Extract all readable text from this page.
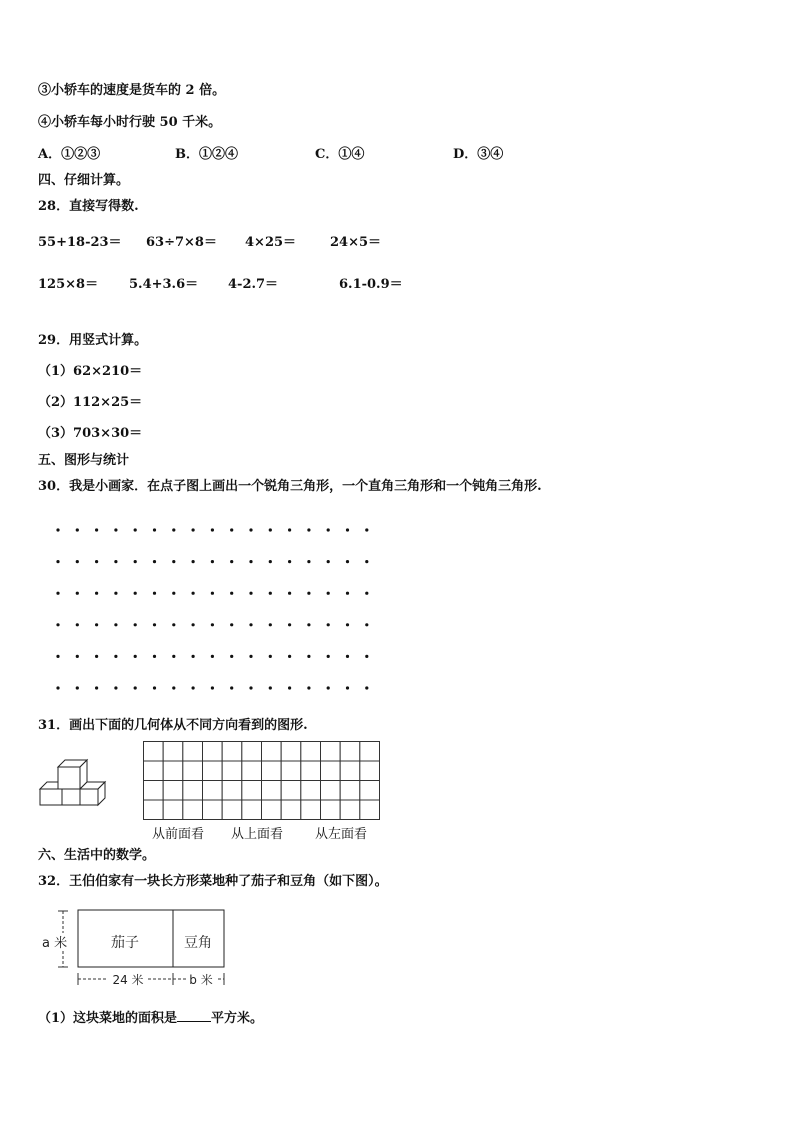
③小轿车的速度是货车的 2 倍。
④小轿车每小时行驶 50 千米。
A．①②③	B．①②④	C．①④	D．③④
四、仔细计算。
28．直接写得数.
55+18-23＝ 63÷7×8＝ 4×25＝	24×5＝
125×8＝ 5.4+3.6＝ 4-2.7＝	6.1-0.9＝
29．用竖式计算。
（1）62×210＝
（2）112×25＝
（3）703×30＝
五、图形与统计
30．我是小画家．在点子图上画出一个锐角三角形，一个直角三角形和一个钝角三角形.
31．画出下面的几何体从不同方向看到的图形.
从前面看 从上面看 从左面看
六、生活中的数学。
32．王伯伯家有一块长方形菜地种了茄子和豆角（如下图）。
a 米	茄子	豆角
24 米	b 米
（1）这块菜地的面积是	平方米。
